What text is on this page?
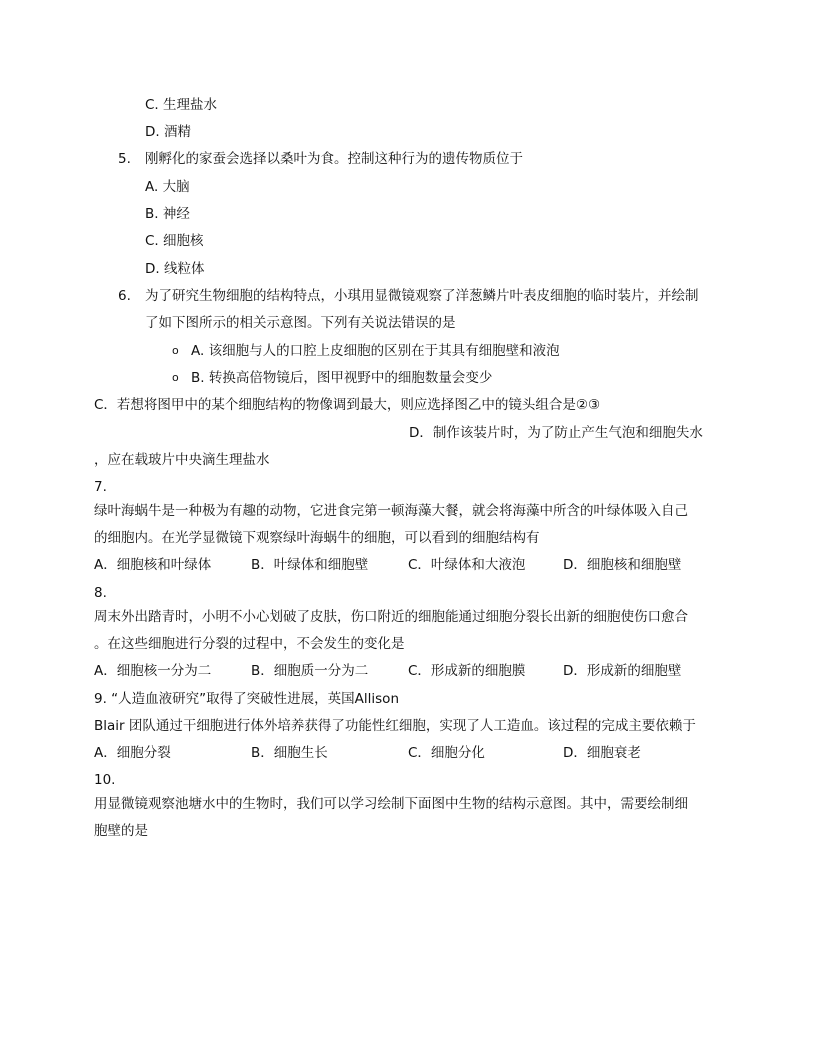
C. 生理盐水
D. 酒精
5. 刚孵化的家蚕会选择以桑叶为食。控制这种行为的遗传物质位于
A. 大脑
B. 神经
C. 细胞核
D. 线粒体
6. 为了研究生物细胞的结构特点，小琪用显微镜观察了洋葱鳞片叶表皮细胞的临时装片，并绘制
了如下图所示的相关示意图。下列有关说法错误的是
o A. 该细胞与人的口腔上皮细胞的区别在于其具有细胞壁和液泡
o B. 转换高倍物镜后，图甲视野中的细胞数量会变少
C．若想将图甲中的某个细胞结构的物像调到最大，则应选择图乙中的镜头组合是②③
D．制作该装片时，为了防止产生气泡和细胞失水
，应在载玻片中央滴生理盐水
7.
绿叶海蜗牛是一种极为有趣的动物，它进食完第一顿海藻大餐，就会将海藻中所含的叶绿体吸入自己
的细胞内。在光学显微镜下观察绿叶海蜗牛的细胞，可以看到的细胞结构有
A．细胞核和叶绿体	B．叶绿体和细胞壁	C．叶绿体和大液泡	D．细胞核和细胞壁
8.
周末外出踏青时，小明不小心划破了皮肤，伤口附近的细胞能通过细胞分裂长出新的细胞使伤口愈合
。在这些细胞进行分裂的过程中，不会发生的变化是
A．细胞核一分为二	B．细胞质一分为二	C．形成新的细胞膜	D．形成新的细胞壁
9. “人造血液研究”取得了突破性进展，英国Allison
Blair 团队通过干细胞进行体外培养获得了功能性红细胞，实现了人工造血。该过程的完成主要依赖于
A．细胞分裂	B．细胞生长	C．细胞分化	D．细胞衰老
10.
用显微镜观察池塘水中的生物时，我们可以学习绘制下面图中生物的结构示意图。其中，需要绘制细
胞壁的是
